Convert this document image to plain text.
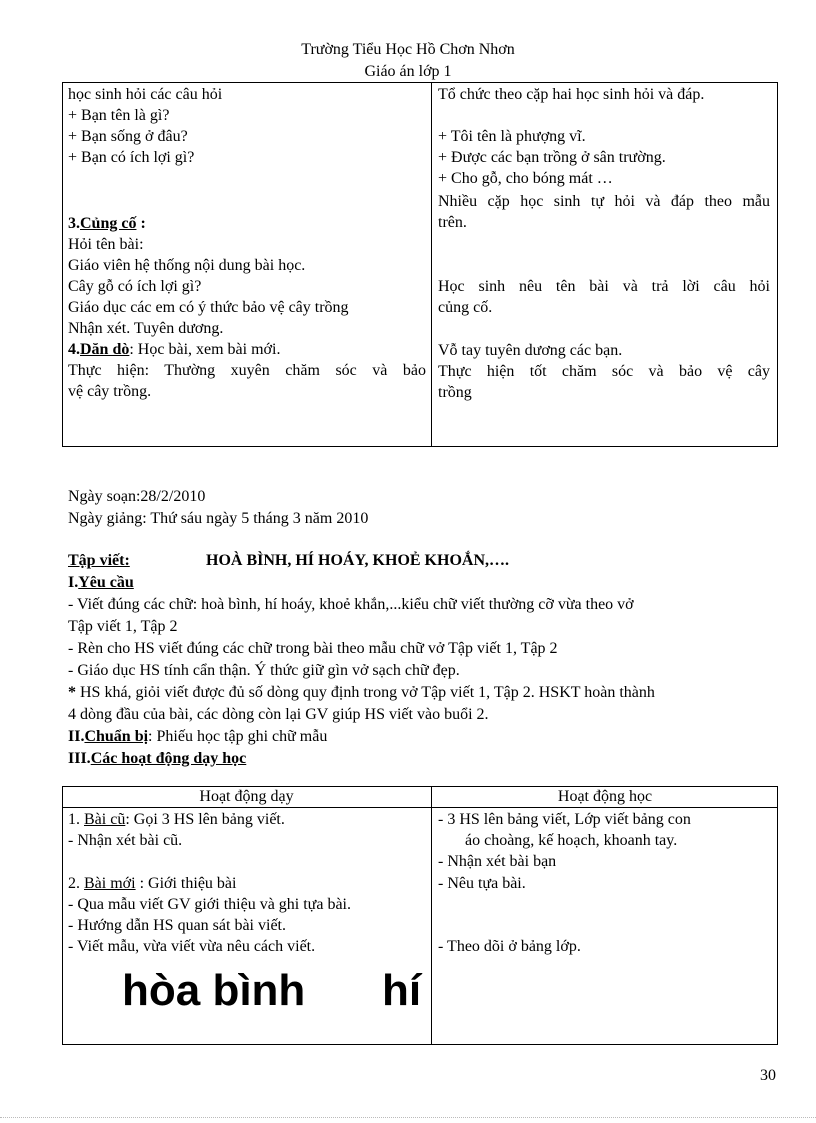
Trường Tiểu Học Hồ Chơn Nhơn
Giáo án lớp 1
học sinh hỏi các câu hỏi
+ Bạn tên là gì?
+ Bạn sống ở đâu?
+ Bạn có ích lợi gì?
3.Củng cố :
Hỏi tên bài:
Giáo viên hệ thống nội dung bài học.
Cây gỗ có ích lợi gì?
Giáo dục các em có ý thức bảo vệ cây trồng
Nhận xét. Tuyên dương.
4.Dăn dò: Học bài, xem bài mới.
Thực hiện: Thường xuyên chăm sóc và bảo
vệ cây trồng.
Tổ chức theo cặp hai học sinh hỏi và đáp.
+ Tôi tên là phượng vĩ.
+ Được các bạn trồng ở sân trường.
+ Cho gỗ, cho bóng mát …
Nhiều cặp học sinh tự hỏi và đáp theo mẫu
trên.
Học sinh nêu tên bài và trả lời câu hỏi
củng cố.
Vỗ tay tuyên dương các bạn.
Thực hiện tốt chăm sóc và bảo vệ cây
trồng
Ngày soạn:28/2/2010
Ngày giảng: Thứ sáu ngày 5 tháng 3 năm 2010
Tập viết:	HOÀ BÌNH, HÍ HOÁY, KHOẺ KHOẮN,….
I.Yêu cầu
- Viết đúng các chữ: hoà bình, hí hoáy, khoẻ khắn,...kiểu chữ viết thường cỡ vừa theo vở
Tập viết 1, Tập 2
- Rèn cho HS viết đúng các chữ trong bài theo mẫu chữ vở Tập viết 1, Tập 2
- Giáo dục HS tính cẩn thận. Ý thức giữ gìn vở sạch chữ đẹp.
* HS khá, giỏi viết được đủ số dòng quy định trong vở Tập viết 1, Tập 2. HSKT hoàn thành
4 dòng đầu của bài, các dòng còn lại GV giúp HS viết vào buổi 2.
II.Chuẩn bị: Phiếu học tập ghi chữ mẫu
III.Các hoạt động dạy học
Hoạt động dạy	Hoạt động học
1. Bài cũ: Gọi 3 HS lên bảng viết.
- Nhận xét bài cũ.
2. Bài mới : Giới thiệu bài
- Qua mẫu viết GV giới thiệu và ghi tựa bài.
- Hướng dẫn HS quan sát bài viết.
- Viết mẫu, vừa viết vừa nêu cách viết.
hòa bình hí
- 3 HS lên bảng viết, Lớp viết bảng con
áo choàng, kế hoạch, khoanh tay.
- Nhận xét bài bạn
- Nêu tựa bài.
- Theo dõi ở bảng lớp.
30
